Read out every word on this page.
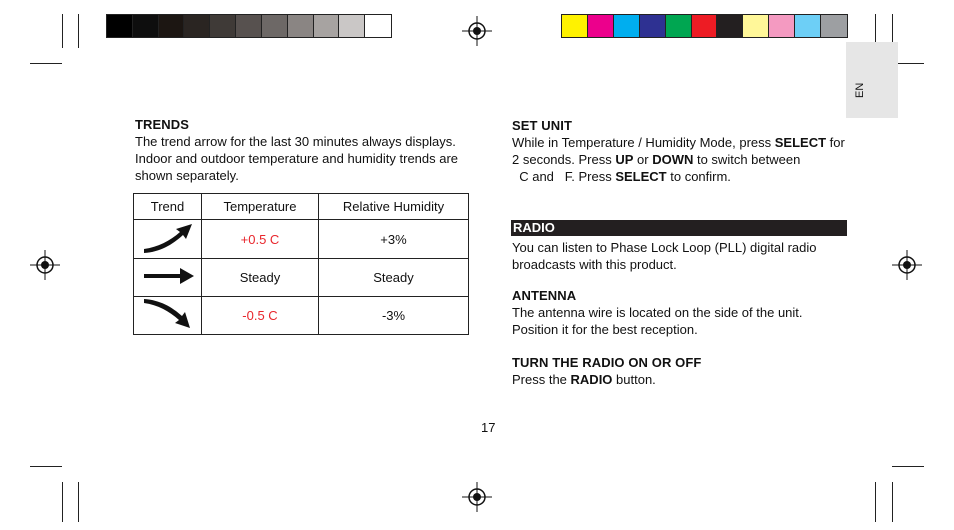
EN
TRENDS

The trend arrow for the last 30 minutes always displays. Indoor and outdoor temperature and humidity trends are shown separately.

Trend	Temperature	Relative Humidity
	+0.5 C	+3%
	Steady	Steady
	-0.5 C	-3%
SET UNIT

While in Temperature / Humidity Mode, press SELECT for 2 seconds. Press UP or DOWN to switch between
C and   F. Press SELECT to confirm.

RADIO

You can listen to Phase Lock Loop (PLL) digital radio broadcasts with this product.

ANTENNA

The antenna wire is located on the side of the unit. Position it for the best reception.

TURN THE RADIO ON OR OFF

Press the RADIO button.

17
